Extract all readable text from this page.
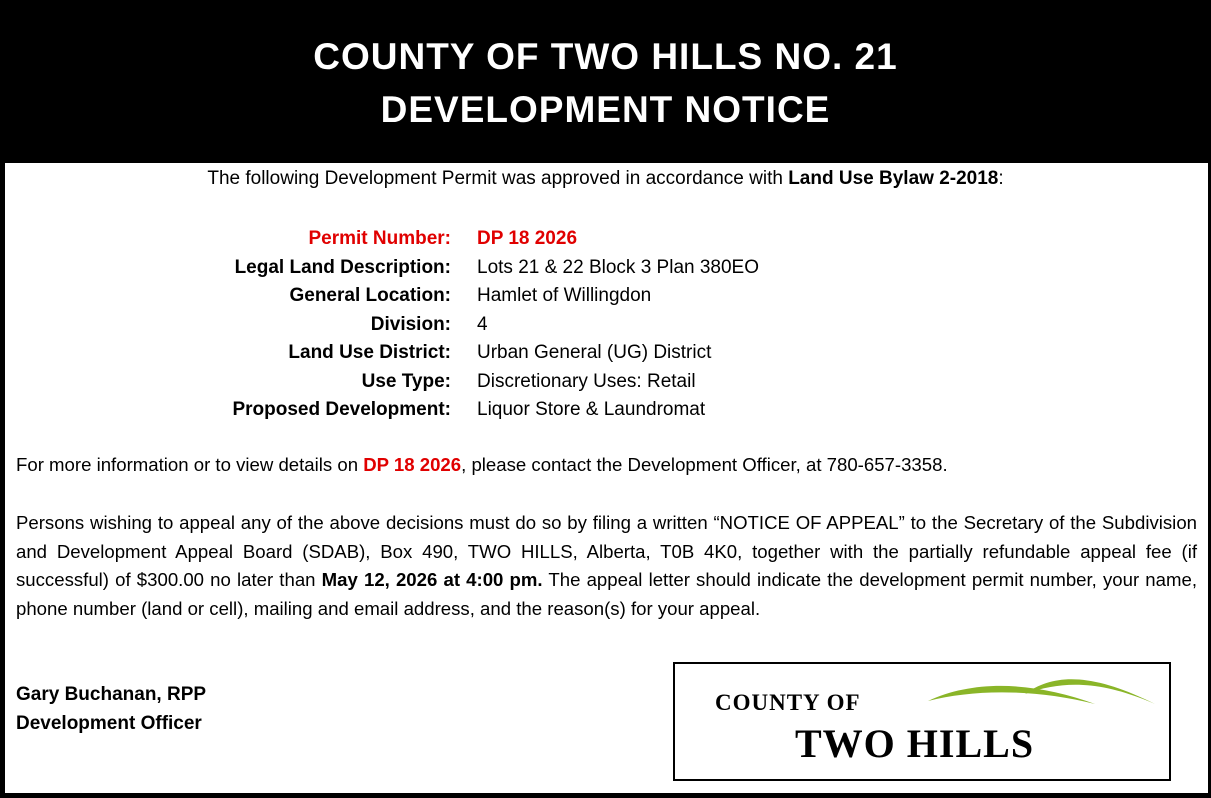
COUNTY OF TWO HILLS NO. 21
DEVELOPMENT NOTICE
The following Development Permit was approved in accordance with Land Use Bylaw 2-2018:
Permit Number: DP 18 2026
Legal Land Description: Lots 21 & 22 Block 3 Plan 380EO
General Location: Hamlet of Willingdon
Division: 4
Land Use District: Urban General (UG) District
Use Type: Discretionary Uses: Retail
Proposed Development: Liquor Store & Laundromat
For more information or to view details on DP 18 2026, please contact the Development Officer, at 780-657-3358.
Persons wishing to appeal any of the above decisions must do so by filing a written “NOTICE OF APPEAL” to the Secretary of the Subdivision and Development Appeal Board (SDAB), Box 490, TWO HILLS, Alberta, T0B 4K0, together with the partially refundable appeal fee (if successful) of $300.00 no later than May 12, 2026 at 4:00 pm. The appeal letter should indicate the development permit number, your name, phone number (land or cell), mailing and email address, and the reason(s) for your appeal.
Gary Buchanan, RPP
Development Officer
COUNTY OF
TWO HILLS
